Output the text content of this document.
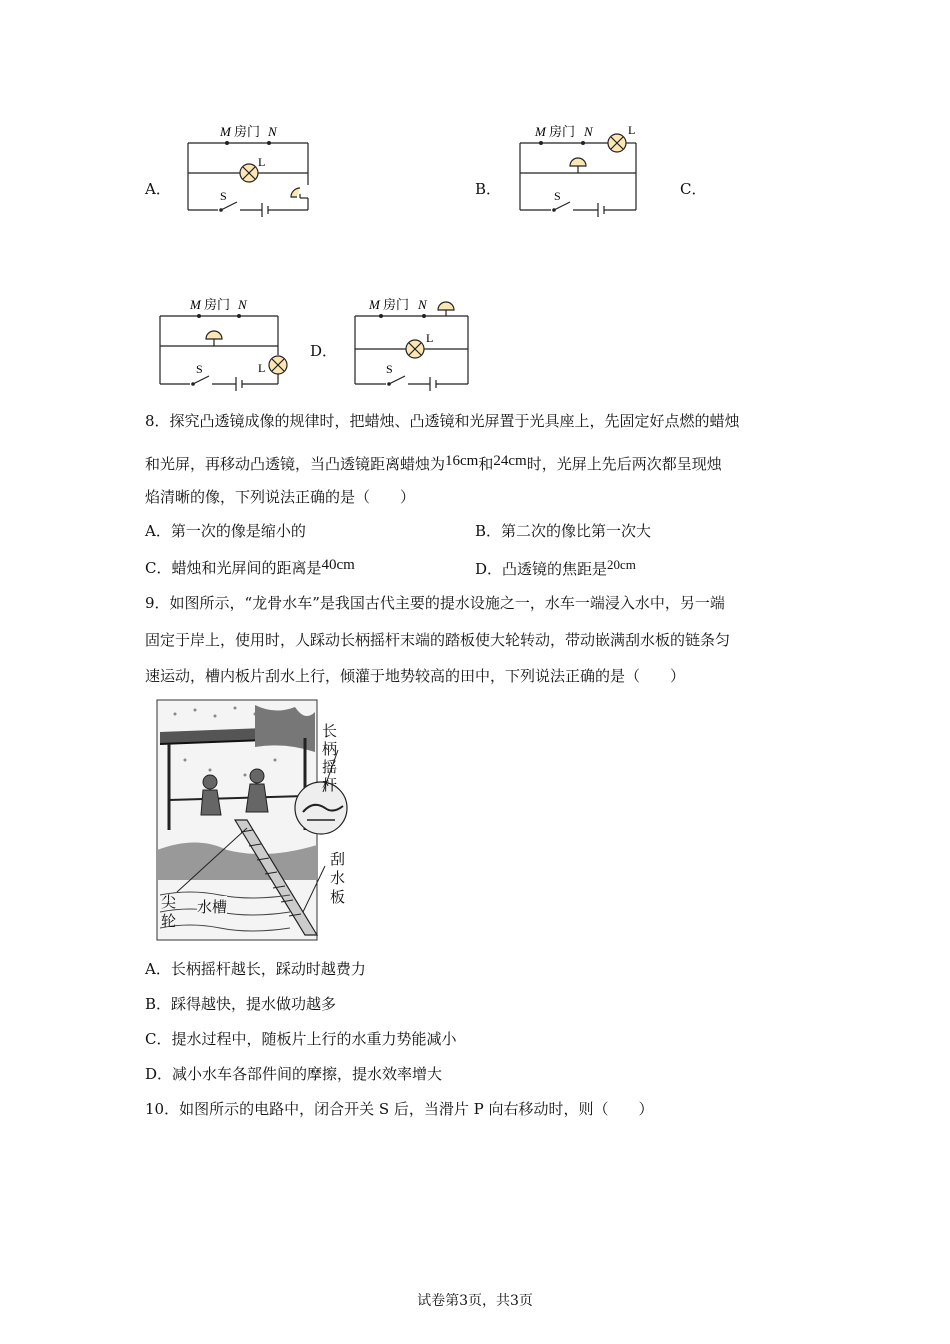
A．
M 房门 N
L
S	B．
M 房门 N	L
S	C．
M 房门 N
L
S
D．
M 房门 N
L
S
8．探究凸透镜成像的规律时，把蜡烛、凸透镜和光屏置于光具座上，先固定好点燃的蜡烛
和光屏，再移动凸透镜，当凸透镜距离蜡烛为16cm和24cm时，光屏上先后两次都呈现烛
焰清晰的像，下列说法正确的是（　　）
A．第一次的像是缩小的	B．第二次的像比第一次大
C．蜡烛和光屏间的距离是40cm	D．凸透镜的焦距是20cm
9．如图所示，“龙骨水车”是我国古代主要的提水设施之一，水车一端浸入水中，另一端
固定于岸上，使用时，人踩动长柄摇杆末端的踏板使大轮转动，带动嵌满刮水板的链条匀
速运动，槽内板片刮水上行，倾灌于地势较高的田中，下列说法正确的是（　　）
长
柄
摇
杆
刮
水
板
尖
轮
水槽
A．长柄摇杆越长，踩动时越费力
B．踩得越快，提水做功越多
C．提水过程中，随板片上行的水重力势能减小
D．减小水车各部件间的摩擦，提水效率增大
10．如图所示的电路中，闭合开关 S 后，当滑片 P 向右移动时，则（　　）
试卷第3页，共3页
